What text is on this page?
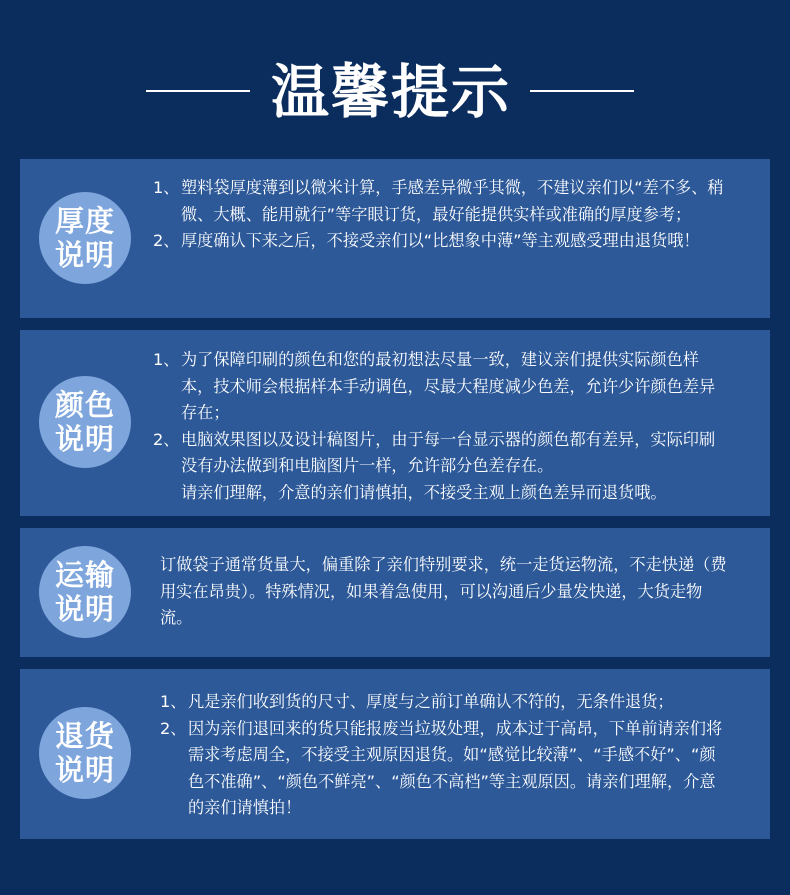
温馨提示
厚度
说明
1、 塑料袋厚度薄到以微米计算，手感差异微乎其微，不建议亲们以“差不多、稍微、大概、能用就行”等字眼订货，最好能提供实样或准确的厚度参考；
2、 厚度确认下来之后，不接受亲们以“比想象中薄”等主观感受理由退货哦！
颜色
说明
1、 为了保障印刷的颜色和您的最初想法尽量一致，建议亲们提供实际颜色样本，技术师会根据样本手动调色，尽最大程度减少色差，允许少许颜色差异存在；
2、 电脑效果图以及设计稿图片，由于每一台显示器的颜色都有差异，实际印刷没有办法做到和电脑图片一样，允许部分色差存在。
请亲们理解，介意的亲们请慎拍，不接受主观上颜色差异而退货哦。
运输
说明
订做袋子通常货量大，偏重除了亲们特别要求，统一走货运物流，不走快递（费用实在昂贵）。特殊情况，如果着急使用，可以沟通后少量发快递，大货走物流。
退货
说明
1、 凡是亲们收到货的尺寸、厚度与之前订单确认不符的，无条件退货；
2、 因为亲们退回来的货只能报废当垃圾处理，成本过于高昂，下单前请亲们将需求考虑周全，不接受主观原因退货。如“感觉比较薄”、“手感不好”、“颜色不准确”、“颜色不鲜亮”、“颜色不高档”等主观原因。请亲们理解，介意的亲们请慎拍！
